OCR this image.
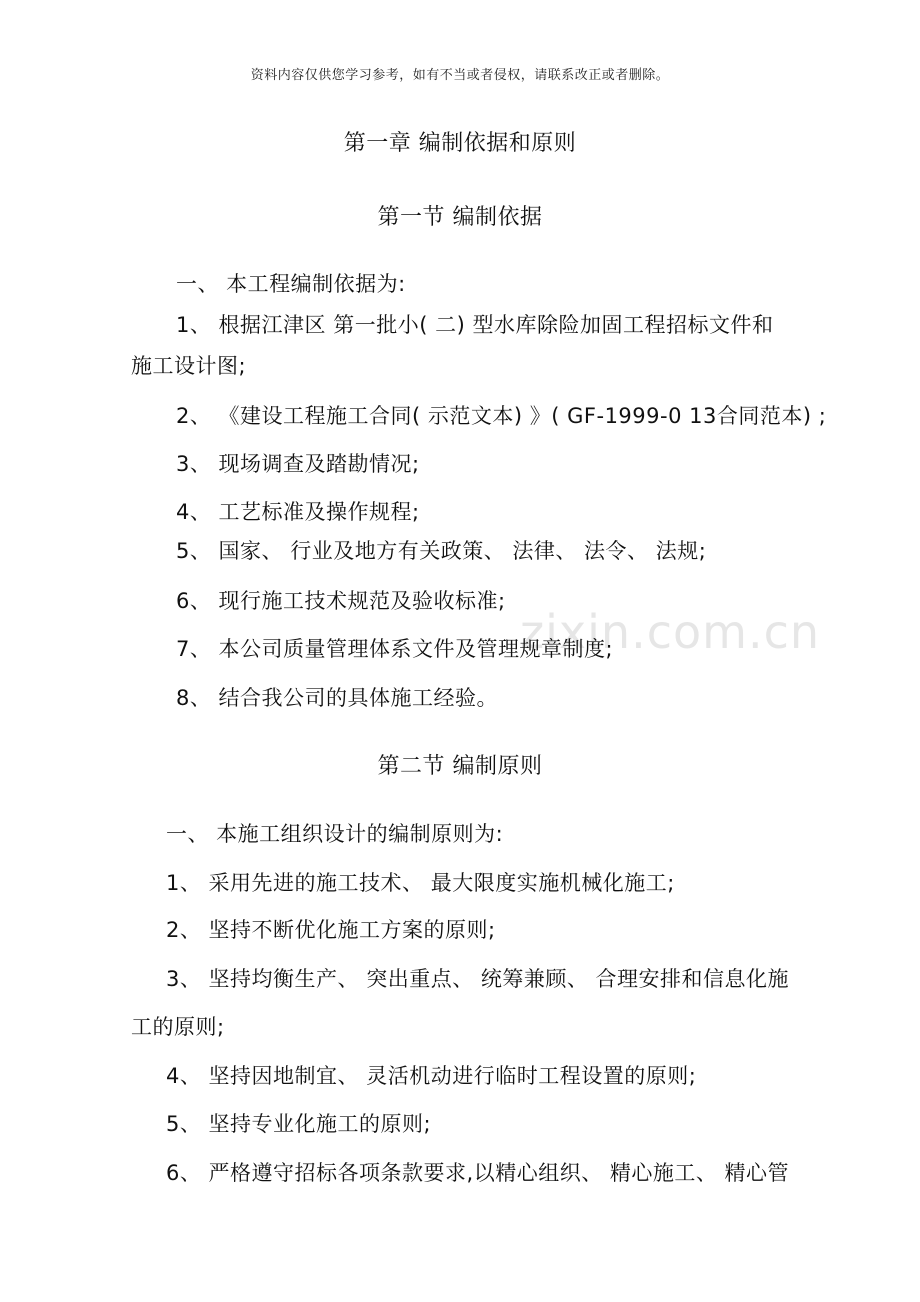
资料内容仅供您学习参考，如有不当或者侵权，请联系改正或者删除。
zixin.com.cn
第一章 编制依据和原则
第一节 编制依据
一、 本工程编制依据为:
1、 根据江津区 第一批小( 二) 型水库除险加固工程招标文件和
施工设计图;
2、 《建设工程施工合同( 示范文本) 》( GF-1999-0 13合同范本) ;
3、 现场调查及踏勘情况;
4、 工艺标准及操作规程;
5、 国家、 行业及地方有关政策、 法律、 法令、 法规;
6、 现行施工技术规范及验收标准;
7、 本公司质量管理体系文件及管理规章制度;
8、 结合我公司的具体施工经验。
第二节 编制原则
一、 本施工组织设计的编制原则为:
1、 采用先进的施工技术、 最大限度实施机械化施工;
2、 坚持不断优化施工方案的原则;
3、 坚持均衡生产、 突出重点、 统筹兼顾、 合理安排和信息化施
工的原则;
4、 坚持因地制宜、 灵活机动进行临时工程设置的原则;
5、 坚持专业化施工的原则;
6、 严格遵守招标各项条款要求,以精心组织、 精心施工、 精心管
